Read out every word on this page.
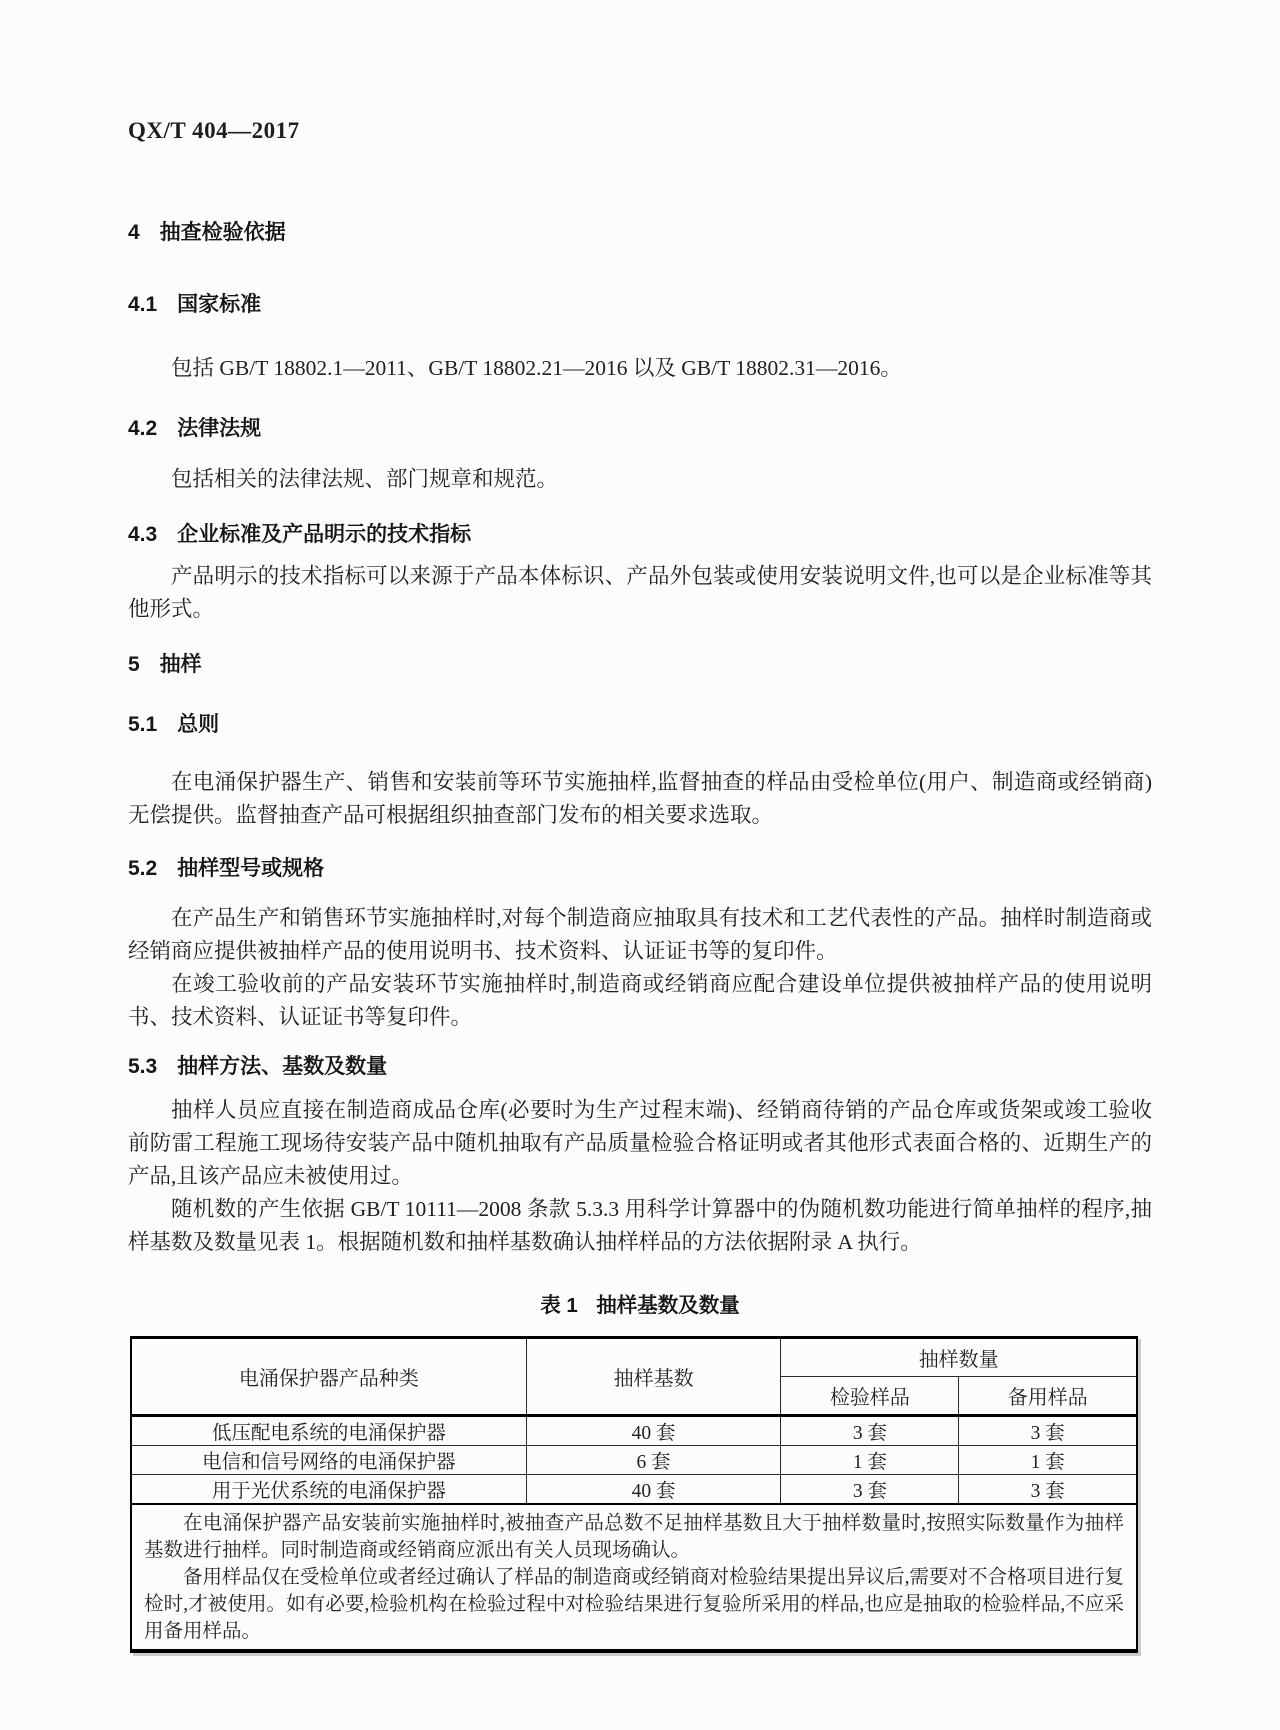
QX/T 404—2017
4 抽查检验依据
4.1 国家标准
包括 GB/T 18802.1—2011、GB/T 18802.21—2016 以及 GB/T 18802.31—2016。
4.2 法律法规
包括相关的法律法规、部门规章和规范。
4.3 企业标准及产品明示的技术指标
产品明示的技术指标可以来源于产品本体标识、产品外包装或使用安装说明文件,也可以是企业标准等其他形式。
5 抽样
5.1 总则
在电涌保护器生产、销售和安装前等环节实施抽样,监督抽查的样品由受检单位(用户、制造商或经销商)无偿提供。监督抽查产品可根据组织抽查部门发布的相关要求选取。
5.2 抽样型号或规格

在产品生产和销售环节实施抽样时,对每个制造商应抽取具有技术和工艺代表性的产品。抽样时制造商或经销商应提供被抽样产品的使用说明书、技术资料、认证证书等的复印件。

在竣工验收前的产品安装环节实施抽样时,制造商或经销商应配合建设单位提供被抽样产品的使用说明书、技术资料、认证证书等复印件。

5.3 抽样方法、基数及数量

抽样人员应直接在制造商成品仓库(必要时为生产过程末端)、经销商待销的产品仓库或货架或竣工验收前防雷工程施工现场待安装产品中随机抽取有产品质量检验合格证明或者其他形式表面合格的、近期生产的产品,且该产品应未被使用过。

随机数的产生依据 GB/T 10111—2008 条款 5.3.3 用科学计算器中的伪随机数功能进行简单抽样的程序,抽样基数及数量见表 1。根据随机数和抽样基数确认抽样样品的方法依据附录 A 执行。

表 1 抽样基数及数量
电涌保护器产品种类	抽样基数	抽样数量	
		检验样品	备用样品
低压配电系统的电涌保护器	40 套	3 套	3 套
电信和信号网络的电涌保护器	6 套	1 套	1 套
用于光伏系统的电涌保护器	40 套	3 套	3 套

在电涌保护器产品安装前实施抽样时,被抽查产品总数不足抽样基数且大于抽样数量时,按照实际数量作为抽样基数进行抽样。同时制造商或经销商应派出有关人员现场确认。

备用样品仅在受检单位或者经过确认了样品的制造商或经销商对检验结果提出异议后,需要对不合格项目进行复检时,才被使用。如有必要,检验机构在检验过程中对检验结果进行复验所采用的样品,也应是抽取的检验样品,不应采用备用样品。			
